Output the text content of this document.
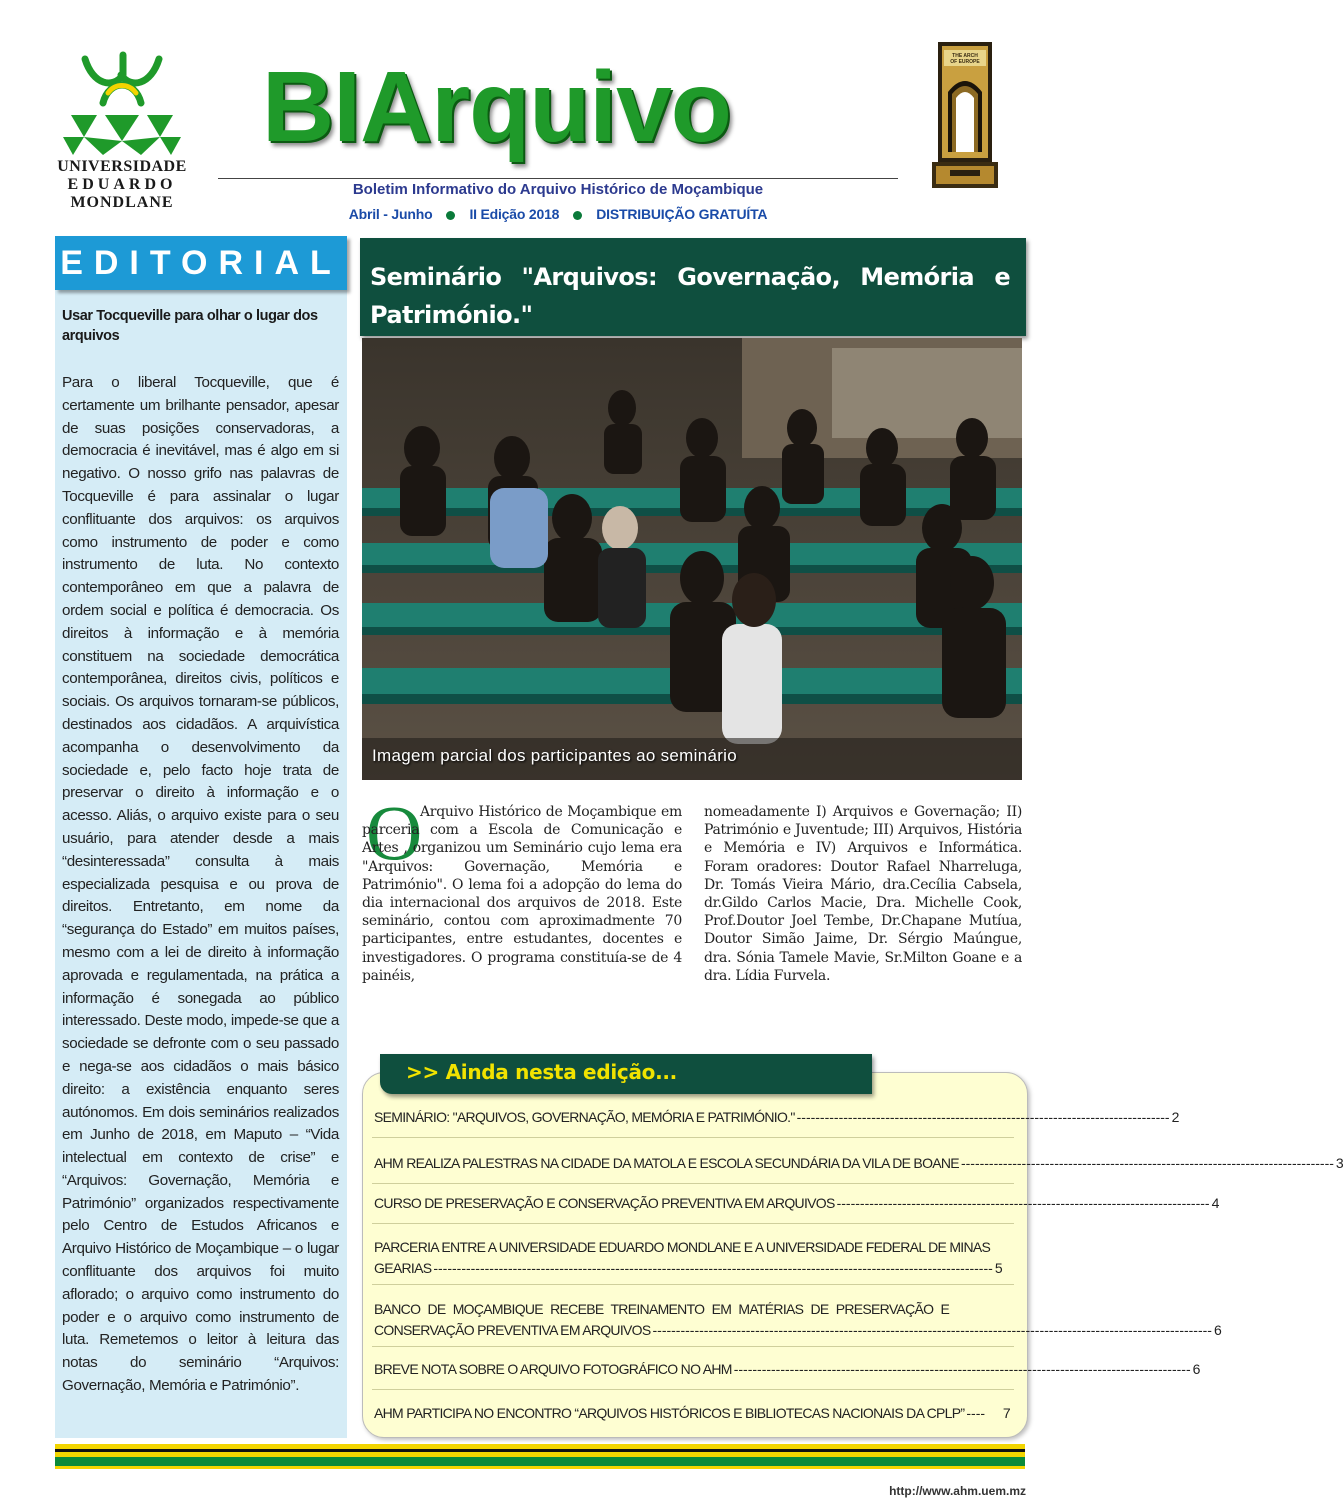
UNIVERSIDADE
EDUARDO
MONDLANE
BIArquivo
Boletim Informativo do Arquivo Histórico de Moçambique
Abril - Junho	II Edição 2018	DISTRIBUIÇÃO GRATUÍTA
THE ARCH
OF EUROPE
EDITORIAL
Usar Tocqueville para olhar o lugar dos arquivos
Para o liberal Tocqueville, que é certamente um brilhante pensador, apesar de suas posições conservadoras, a democracia é inevitável, mas é algo em si negativo. O nosso grifo nas palavras de Tocqueville é para assinalar o lugar conflituante dos arquivos: os arquivos como instrumento de poder e como instrumento de luta. No contexto contemporâneo em que a palavra de ordem social e política é democracia. Os direitos à informação e à memória constituem na sociedade democrática contemporânea, direitos civis, políticos e sociais. Os arquivos tornaram-se públicos, destinados aos cidadãos. A arquivística acompanha o desenvolvimento da sociedade e, pelo facto hoje trata de preservar o direito à informação e o acesso. Aliás, o arquivo existe para o seu usuário, para atender desde a mais “desinteressada” consulta à mais especializada pesquisa e ou prova de direitos. Entretanto, em nome da “segurança do Estado” em muitos países, mesmo com a lei de direito à informação aprovada e regulamentada, na prática a informação é sonegada ao público interessado. Deste modo, impede-se que a sociedade se defronte com o seu passado e nega-se aos cidadãos o mais básico direito: a existência enquanto seres autónomos. Em dois seminários realizados em Junho de 2018, em Maputo – “Vida intelectual em contexto de crise” e “Arquivos: Governação, Memória e Património” organizados respectivamente pelo Centro de Estudos Africanos e Arquivo Histórico de Moçambique – o lugar conflituante dos arquivos foi muito aflorado; o arquivo como instrumento do poder e o arquivo como instrumento de luta. Remetemos o leitor à leitura das notas do seminário “Arquivos: Governação, Memória e Património”.
Seminário "Arquivos: Governação, Memória e Património."
Imagem parcial dos participantes ao seminário
O
Arquivo Histórico de Moçambique em parceria com a Escola de Comunicação e Artes , organizou um Seminário cujo lema era "Arquivos: Governação, Memória e Património". O lema foi a adopção do lema do dia internacional dos arquivos de 2018. Este seminário, contou com aproximadmente 70 participantes, entre estudantes, docentes e investigadores. O programa constituía-se de 4 painéis,
nomeadamente I) Arquivos e Governação; II) Património e Juventude; III) Arquivos, História e Memória e IV) Arquivos e Informática. Foram oradores: Doutor Rafael Nharreluga, Dr. Tomás Vieira Mário, dra.Cecília Cabsela, dr.Gildo Carlos Macie, Dra. Michelle Cook, Prof.Doutor Joel Tembe, Dr.Chapane Mutíua, Doutor Simão Jaime, Dr. Sérgio Maúngue, dra. Sónia Tamele Mavie, Sr.Milton Goane e a dra. Lídia Furvela.
>> Ainda nesta edição...
SEMINÁRIO: "ARQUIVOS, GOVERNAÇÃO, MEMÓRIA E PATRIMÓNIO." -------------------------------------------------------------------------------- 2
AHM REALIZA PALESTRAS NA CIDADE DA MATOLA E ESCOLA SECUNDÁRIA DA VILA DE BOANE -------------------------------------------------------------------------------- 3
CURSO DE PRESERVAÇÃO E CONSERVAÇÃO PREVENTIVA EM ARQUIVOS -------------------------------------------------------------------------------- 4
PARCERIA ENTRE A UNIVERSIDADE EDUARDO MONDLANE E A UNIVERSIDADE FEDERAL DE MINAS
GEARIAS ------------------------------------------------------------------------------------------------------------------------ 5
BANCO DE MOÇAMBIQUE RECEBE TREINAMENTO EM MATÉRIAS DE PRESERVAÇÃO E
CONSERVAÇÃO PREVENTIVA EM ARQUIVOS ------------------------------------------------------------------------------------------------------------------------ 6
BREVE NOTA SOBRE O ARQUIVO FOTOGRÁFICO NO AHM -------------------------------------------------------------------------------------------------- 6
AHM PARTICIPA NO ENCONTRO “ARQUIVOS HISTÓRICOS E BIBLIOTECAS NACIONAIS DA CPLP” ----	7
http://www.ahm.uem.mz
